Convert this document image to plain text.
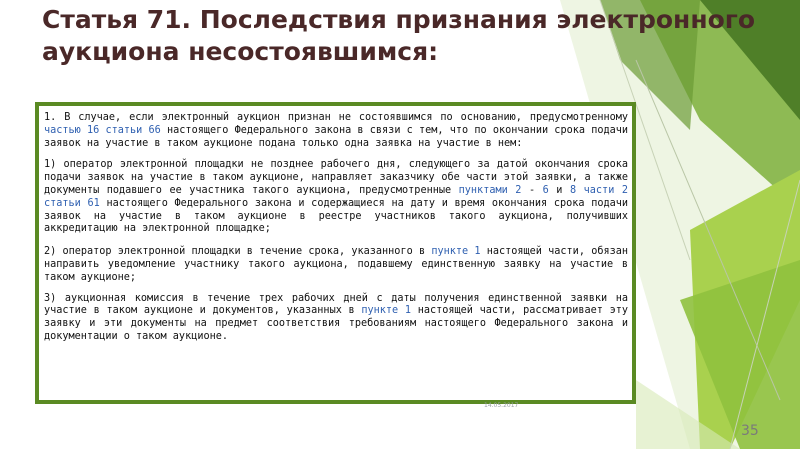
Статья 71. Последствия признания электронного
аукциона несостоявшимся:

1. В случае, если электронный аукцион признан не состоявшимся по основанию, предусмотренному частью 16 статьи 66 настоящего Федерального закона в связи с тем, что по окончании срока подачи заявок на участие в таком аукционе подана только одна заявка на участие в нем:

1) оператор электронной площадки не позднее рабочего дня, следующего за датой окончания срока подачи заявок на участие в таком аукционе, направляет заказчику обе части этой заявки, а также документы подавшего ее участника такого аукциона, предусмотренные пунктами 2 - 6 и 8 части 2 статьи 61 настоящего Федерального закона и содержащиеся на дату и время окончания срока подачи заявок на участие в таком аукционе в реестре участников такого аукциона, получивших аккредитацию на электронной площадке;

2) оператор электронной площадки в течение срока, указанного в пункте 1 настоящей части, обязан направить уведомление участнику такого аукциона, подавшему единственную заявку на участие в таком аукционе;

3) аукционная комиссия в течение трех рабочих дней с даты получения единственной заявки на участие в таком аукционе и документов, указанных в пункте 1 настоящей части, рассматривает эту заявку и эти документы на предмет соответствия требованиям настоящего Федерального закона и документации о таком аукционе.

14.05.2017
35
